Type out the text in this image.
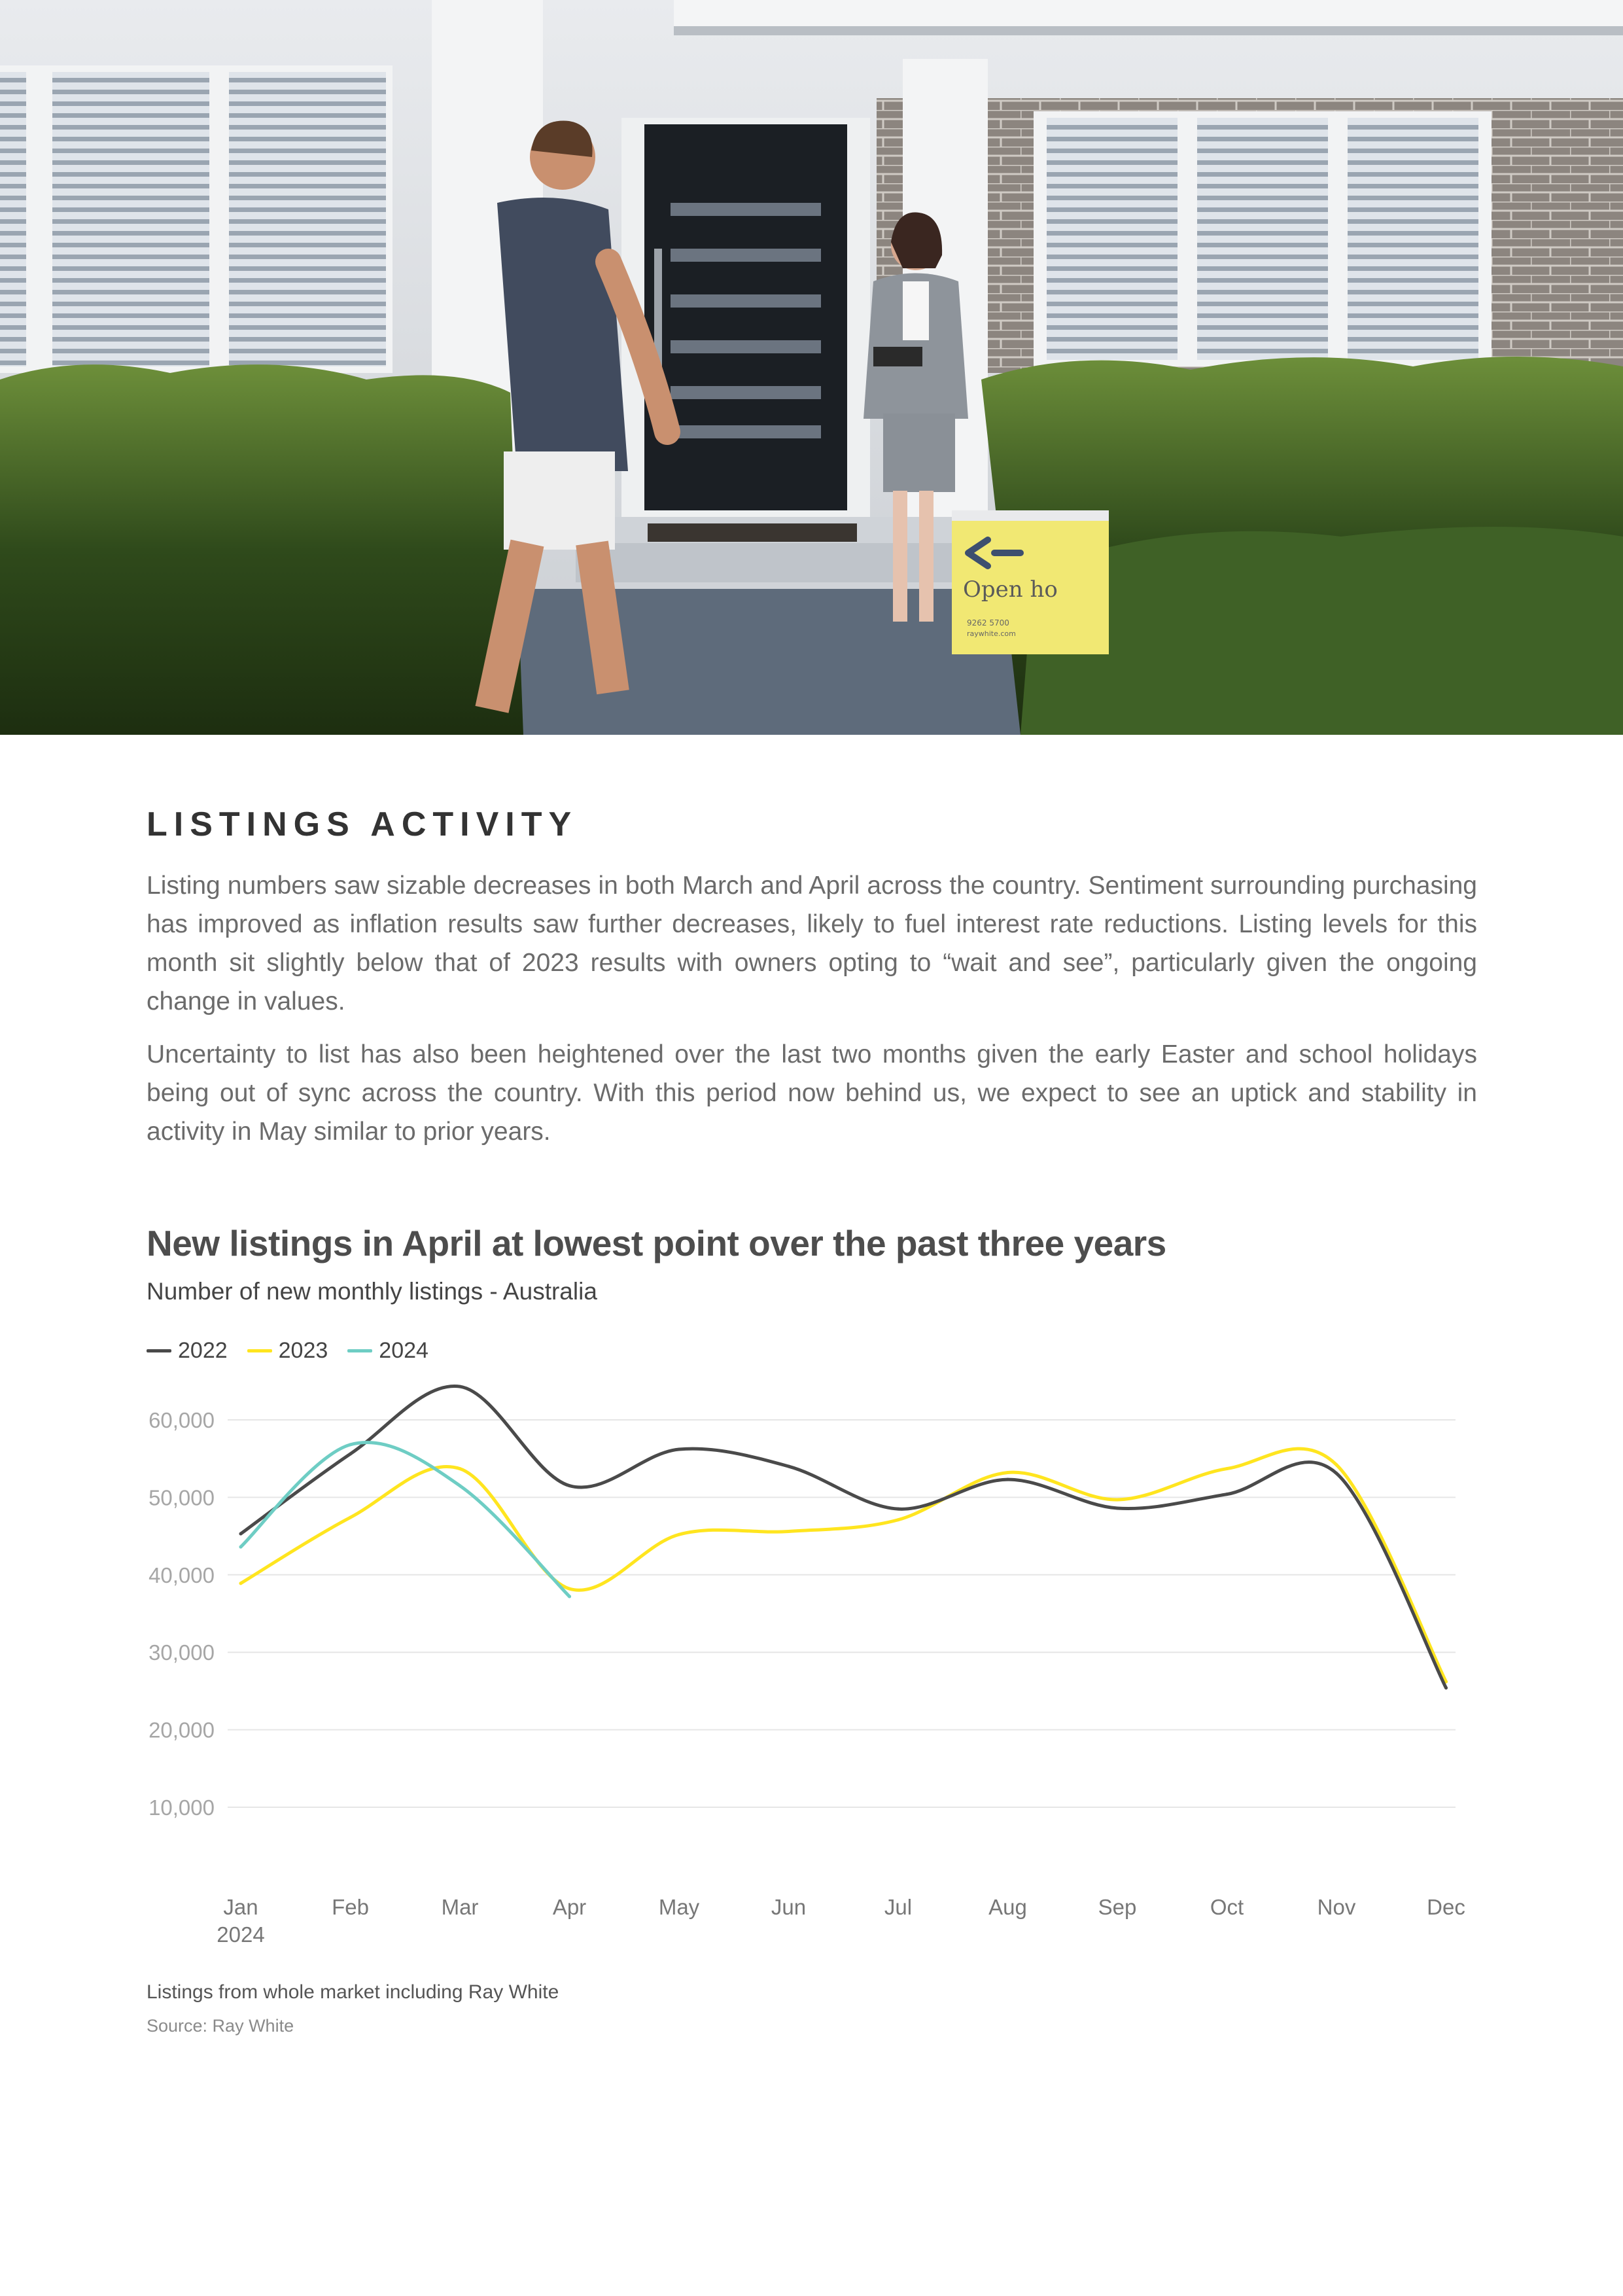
Open ho
9262 5700
raywhite.com
LISTINGS ACTIVITY

Listing numbers saw sizable decreases in both March and April across the country. Sentiment surrounding purchasing has improved as inflation results saw further decreases, likely to fuel interest rate reductions. Listing levels for this month sit slightly below that of 2023 results with owners opting to “wait and see”, particularly given the ongoing change in values.

Uncertainty to list has also been heightened over the last two months given the early Easter and school holidays being out of sync across the country. With this period now behind us, we expect to see an uptick and stability in activity in May similar to prior years.

New listings in April at lowest point over the past three years

Number of new monthly listings - Australia

2022 2023 2024
10,000
20,000
30,000
40,000
50,000
60,000
Jan	Feb	Mar	Apr	May	Jun	Jul	Aug	Sep	Oct	Nov	Dec
2024

Listings from whole market including Ray White

Source: Ray White
